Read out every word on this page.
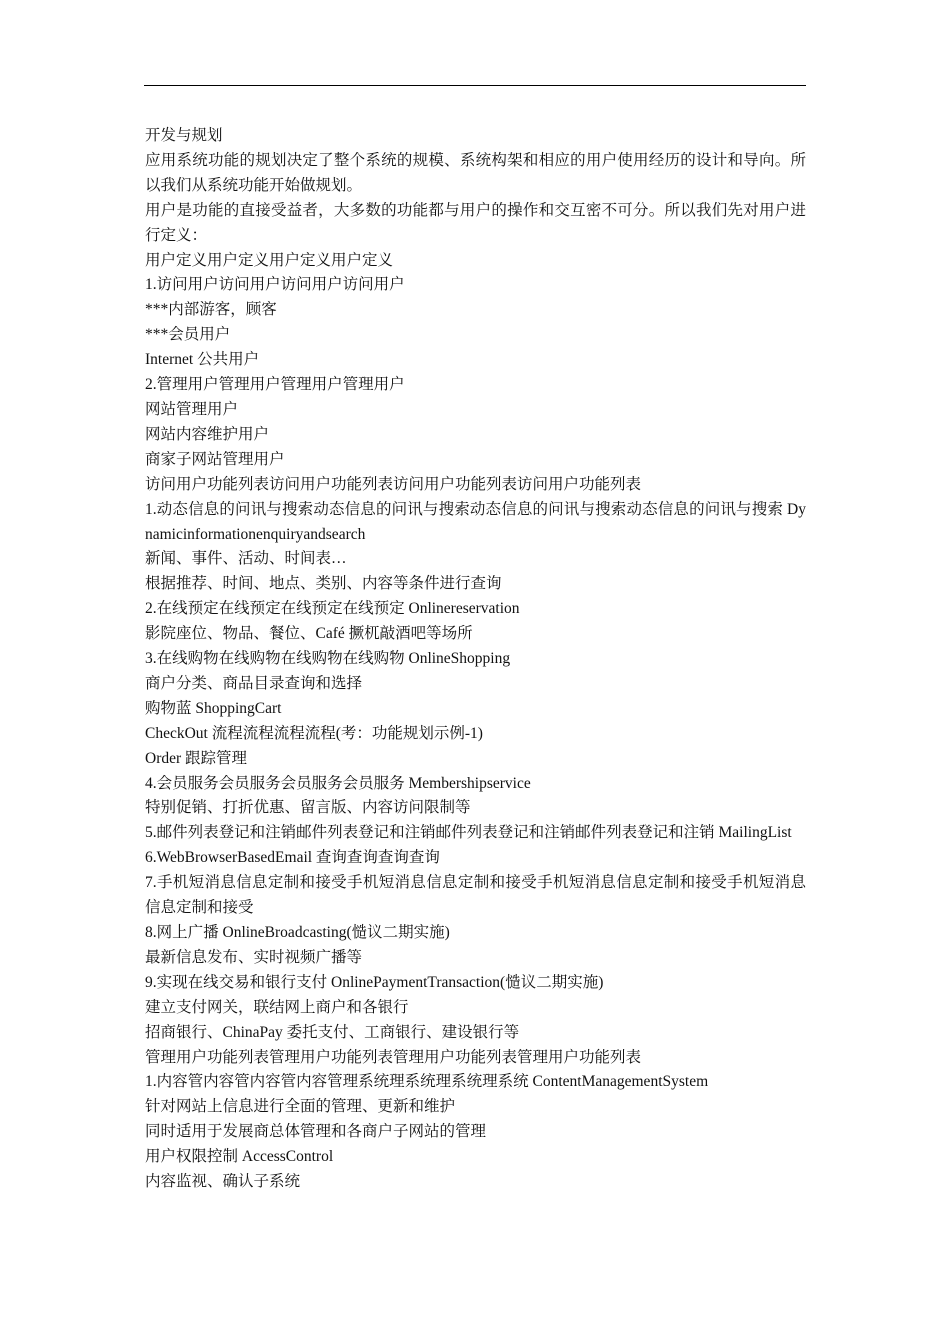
开发与规划

应用系统功能的规划决定了整个系统的规模、系统构架和相应的用户使用经历的设计和导向。所以我们从系统功能开始做规划。

用户是功能的直接受益者，大多数的功能都与用户的操作和交互密不可分。所以我们先对用户进行定义：

用户定义用户定义用户定义用户定义

1.访问用户访问用户访问用户访问用户

***内部游客，顾客

***会员用户

Internet 公共用户

2.管理用户管理用户管理用户管理用户

网站管理用户

网站内容维护用户

商家子网站管理用户

访问用户功能列表访问用户功能列表访问用户功能列表访问用户功能列表

1.动态信息的问讯与搜索动态信息的问讯与搜索动态信息的问讯与搜索动态信息的问讯与搜索 Dynamicinformationenquiryandsearch

新闻、事件、活动、时间表…

根据推荐、时间、地点、类别、内容等条件进行查询

2.在线预定在线预定在线预定在线预定 Onlinereservation

影院座位、物品、餐位、Café 撅杌敲酒吧等场所

3.在线购物在线购物在线购物在线购物 OnlineShopping

商户分类、商品目录查询和选择

购物蓝 ShoppingCart

CheckOut 流程流程流程流程(考：功能规划示例-1)

Order 跟踪管理

4.会员服务会员服务会员服务会员服务 Membershipservice

特别促销、打折优惠、留言版、内容访问限制等

5.邮件列表登记和注销邮件列表登记和注销邮件列表登记和注销邮件列表登记和注销 MailingList

6.WebBrowserBasedEmail 查询查询查询查询

7.手机短消息信息定制和接受手机短消息信息定制和接受手机短消息信息定制和接受手机短消息信息定制和接受

8.网上广播 OnlineBroadcasting(慥议二期实施)

最新信息发布、实时视频广播等

9.实现在线交易和银行支付 OnlinePaymentTransaction(慥议二期实施)

建立支付网关，联结网上商户和各银行

招商银行、ChinaPay 委托支付、工商银行、建设银行等

管理用户功能列表管理用户功能列表管理用户功能列表管理用户功能列表

1.内容管内容管内容管内容管理系统理系统理系统理系统 ContentManagementSystem

针对网站上信息进行全面的管理、更新和维护

同时适用于发展商总体管理和各商户子网站的管理

用户权限控制 AccessControl

内容监视、确认子系统
